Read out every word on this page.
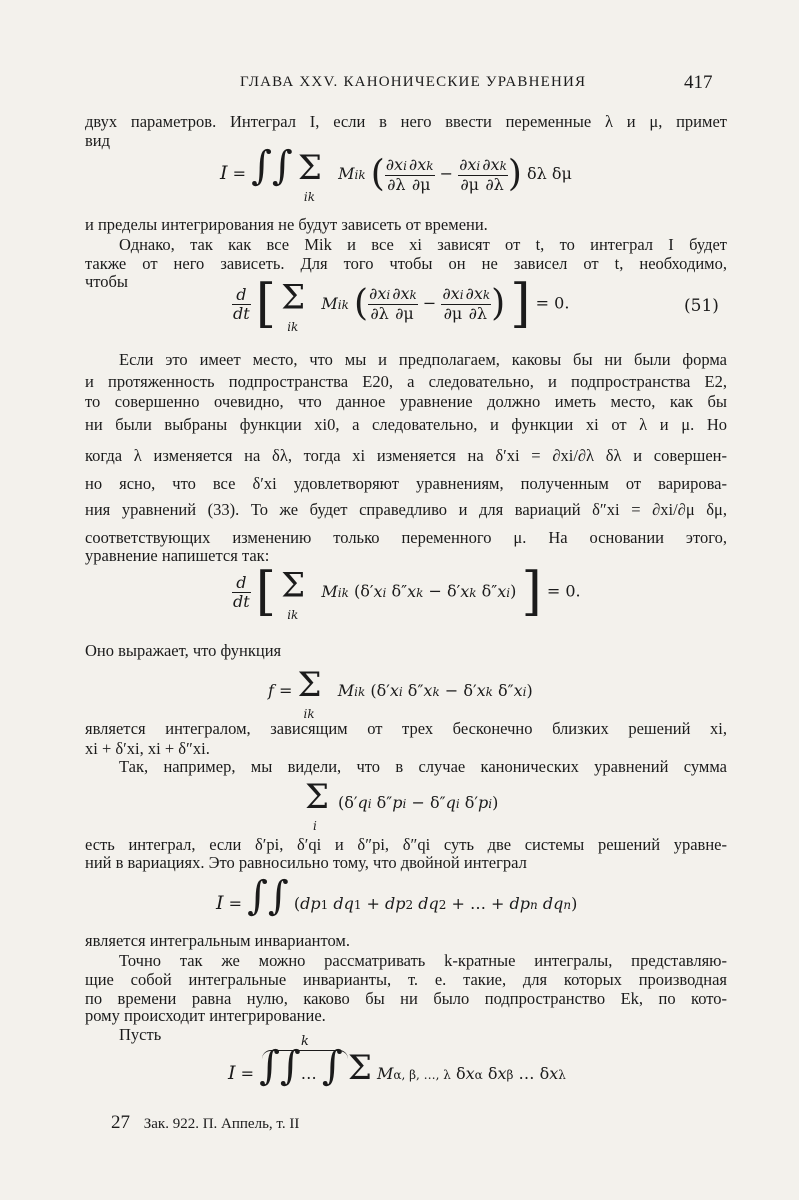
ГЛАВА XXV. КАНОНИЧЕСКИЕ УРАВНЕНИЯ	417
двух параметров. Интеграл I, если в него ввести переменные λ и μ, примет
вид
I = ∫∫ $\Sigma_{ik}$ Mik ( $\frac{\partial xi}{\partial\lambda} \frac{\partial xk}{\partial\mu} - \frac{\partial xi}{\partial\mu} \frac{\partial xk}{\partial\lambda}$ ) δλ δμ
и пределы интегрирования не будут зависеть от времени.
Однако, так как все Mik и все xi зависят от t, то интеграл I будет
также от него зависеть. Для того чтобы он не зависел от t, необходимо,
чтобы
$\frac{d}{dt}$ [ $\Sigma_{ik}$ Mik ( $\frac{\partial xi}{\partial\lambda} \frac{\partial xk}{\partial\mu} - \frac{\partial xi}{\partial\mu} \frac{\partial xk}{\partial\lambda}$ ) ] = 0.	(51)
Если это имеет место, что мы и предполагаем, каковы бы ни были форма
и протяженность подпространства E20, а следовательно, и подпространства E2,
то совершенно очевидно, что данное уравнение должно иметь место, как бы
ни были выбраны функции xi0, а следовательно, и функции xi от λ и μ. Но
когда λ изменяется на δλ, тогда xi изменяется на δ′xi = ∂xi/∂λ δλ и совершен-
но ясно, что все δ′xi удовлетворяют уравнениям, полученным от варирова-
ния уравнений (33). То же будет справедливо и для вариаций δ″xi = ∂xi/∂μ δμ,
соответствующих изменению только переменного μ. На основании этого,
уравнение напишется так:
$\frac{d}{dt}$ [ $\Sigma_{ik}$ Mik (δ′xi δ″xk − δ′xk δ″xi) ] = 0.
Оно выражает, что функция
$f = \Sigma_{ik}$ Mik (δ′xi δ″xk − δ′xk δ″xi)
является интегралом, зависящим от трех бесконечно близких решений xi,
xi + δ′xi, xi + δ″xi.
Так, например, мы видели, что в случае канонических уравнений сумма
$\Sigma_i$ (δ′qi δ″pi − δ″qi δ′pi)
есть интеграл, если δ′pi, δ′qi и δ″pi, δ″qi суть две системы решений уравне-
ний в вариациях. Это равносильно тому, что двойной интеграл
I = ∫∫ (dp1 dq1 + dp2 dq2 + … + dpn dqn)
является интегральным инвариантом.
Точно так же можно рассматривать k-кратные интегралы, представляю-
щие собой интегральные инварианты, т. е. такие, для которых производная
по времени равна нулю, каково бы ни было подпространство Ek, по кото-
рому происходит интегрирование.
Пусть	k
I = ∫∫… ∫ Σ Mα, β, …, λ δxα δxβ … δxλ
27 Зак. 922. П. Аппель, т. II
